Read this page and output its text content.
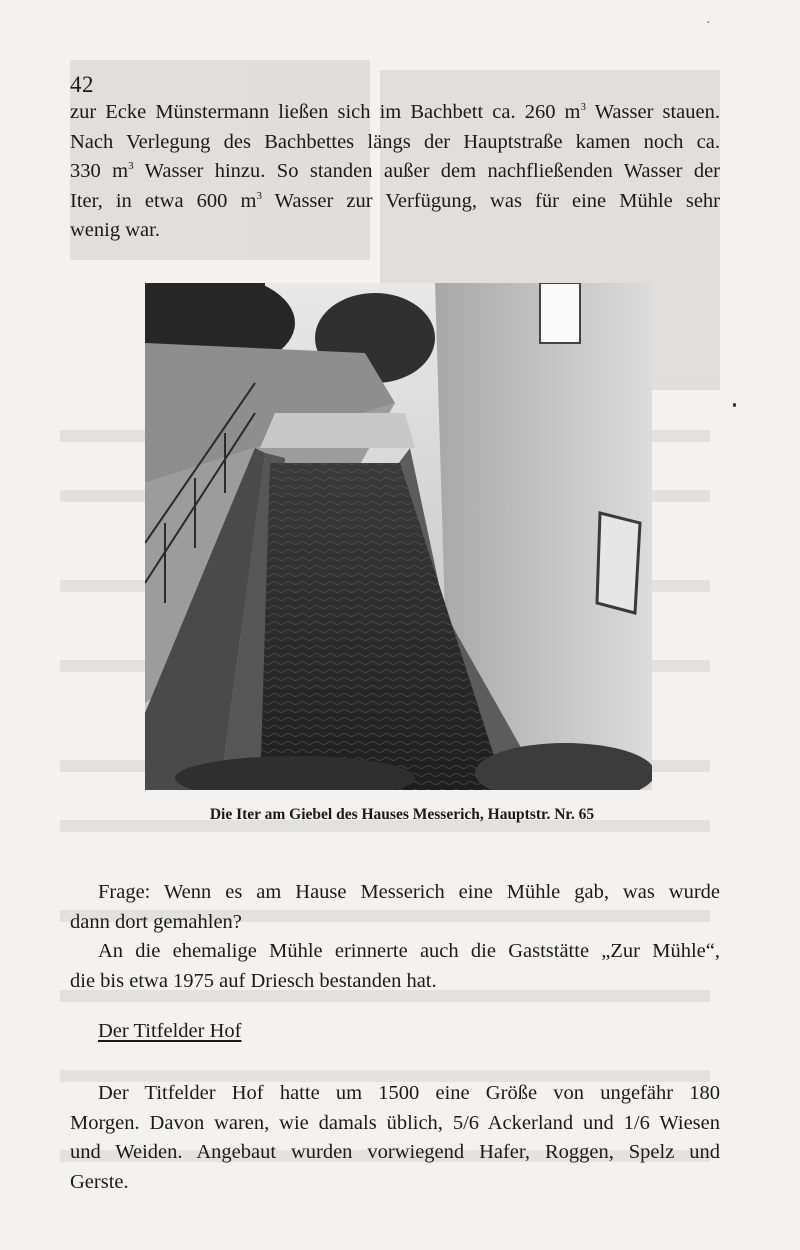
·
42
zur Ecke Münstermann ließen sich im Bachbett ca. 260 $m^3$ Wasser stauen.
Nach Verlegung des Bachbettes längs der Hauptstraße kamen noch ca.
330 $m^3$ Wasser hinzu. So standen außer dem nachfließenden Wasser der
Iter, in etwa 600 $m^3$ Wasser zur Verfügung, was für eine Mühle sehr
wenig war.
Die Iter am Giebel des Hauses Messerich, Hauptstr. Nr. 65
Frage: Wenn es am Hause Messerich eine Mühle gab, was wurde
dann dort gemahlen?
An die ehemalige Mühle erinnerte auch die Gaststätte „Zur Mühle“,
die bis etwa 1975 auf Driesch bestanden hat.
Der Titfelder Hof
Der Titfelder Hof hatte um 1500 eine Größe von ungefähr 180
Morgen. Davon waren, wie damals üblich, 5/6 Ackerland und 1/6 Wiesen
und Weiden. Angebaut wurden vorwiegend Hafer, Roggen, Spelz und
Gerste.
